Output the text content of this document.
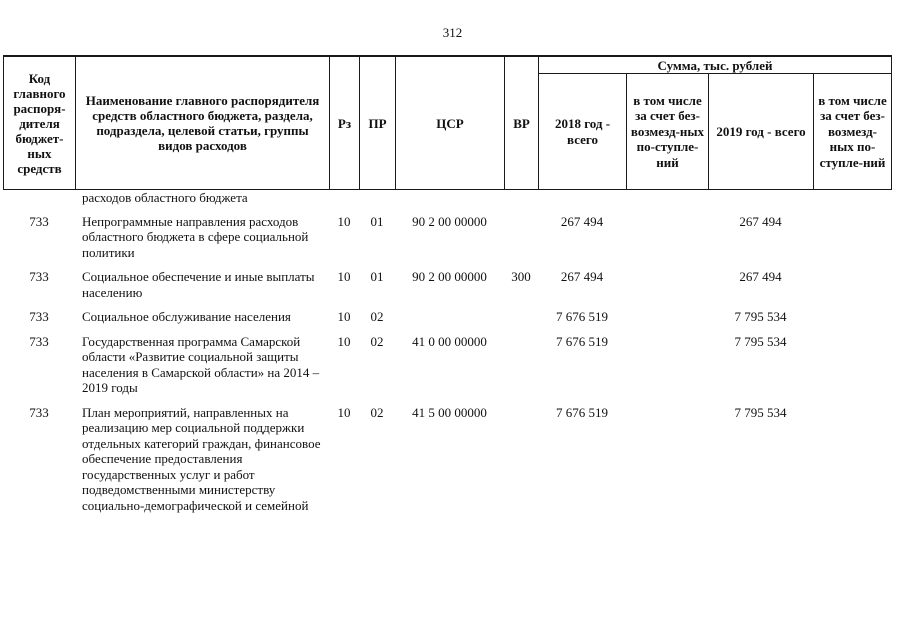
312
Код главного распоря-дителя бюджет-ных средств	Наименование главного распорядителя средств областного бюджета, раздела, подраздела, целевой статьи, группы видов расходов	Рз	ПР	ЦСР	ВР	Сумма, тыс. рублей			
						2018 год - всего	в том числе за счет без-возмезд-ных по-ступле-ний	2019 год - всего	в том числе за счет без-возмезд-ных по-ступле-ний
	расходов областного бюджета								
733	Непрограммные направления расходов областного бюджета в сфере социальной политики	10	01	90 2 00 00000		267 494		267 494	
733	Социальное обеспечение и иные выплаты населению	10	01	90 2 00 00000	300	267 494		267 494	
733	Социальное обслуживание населения	10	02			7 676 519		7 795 534	
733	Государственная программа Самарской области «Развитие социальной защиты населения в Самарской области» на 2014 – 2019 годы	10	02	41 0 00 00000		7 676 519		7 795 534	
733	План мероприятий, направленных на реализацию мер социальной поддержки отдельных категорий граждан, финансовое обеспечение предоставления государственных услуг и работ подведомственными министерству социально-демографической и семейной	10	02	41 5 00 00000		7 676 519		7 795 534	
